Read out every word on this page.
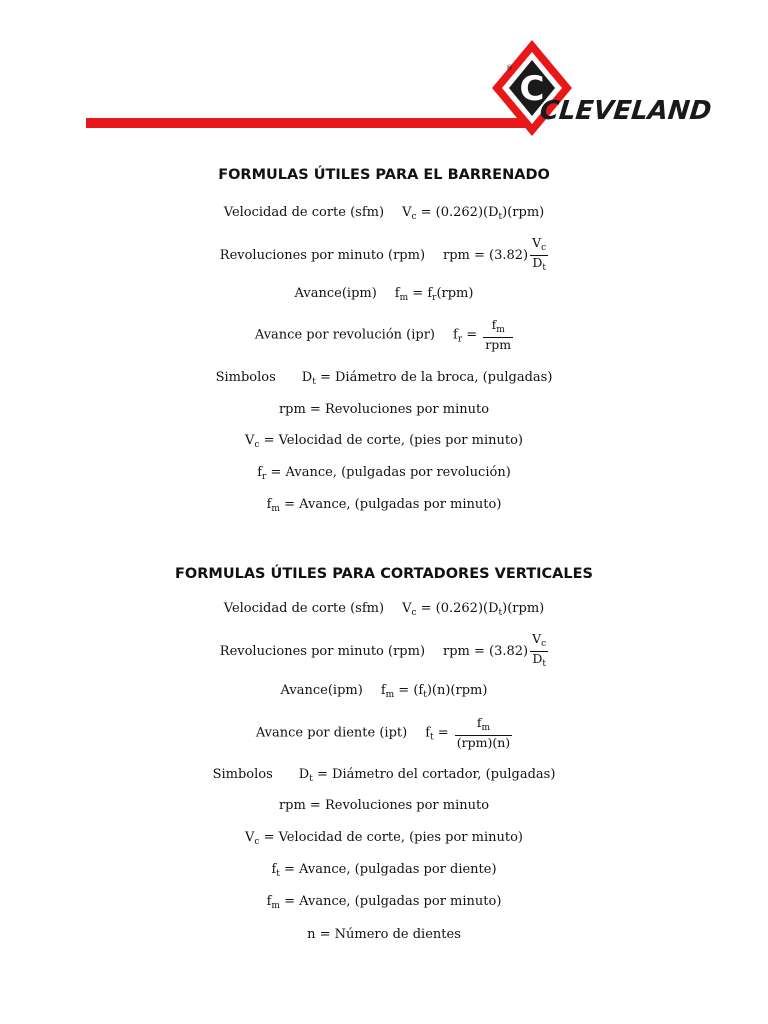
C
®
CLEVELAND
FORMULAS ÚTILES PARA EL BARRENADO
Velocidad de corte (sfm) $V_c = (0.262)(D_t)(rpm)$
Revoluciones por minuto (rpm) rpm = $(3.82) \frac{V_c}{D_t}$
Avance(ipm) $f_m = f_r(rpm)$
Avance por revolución (ipr) $f_r = \frac{f_m}{\text{rpm}}$
Simbolos $D_t$ = Diámetro de la broca, (pulgadas)
rpm = Revoluciones por minuto
$V_c$ = Velocidad de corte, (pies por minuto)
$f_r$ = Avance, (pulgadas por revolución)
$f_m$ = Avance, (pulgadas por minuto)
FORMULAS ÚTILES PARA CORTADORES VERTICALES
Velocidad de corte (sfm) $V_c = (0.262)(D_t)(rpm)$
Revoluciones por minuto (rpm) rpm = $(3.82) \frac{V_c}{D_t}$
Avance(ipm) $f_m = (f_t)(n)(rpm)$
Avance por diente (ipt) $f_t = \frac{f_m}{\text{(rpm)(n)}}$
Simbolos $D_t$ = Diámetro del cortador, (pulgadas)
rpm = Revoluciones por minuto
$V_c$ = Velocidad de corte, (pies por minuto)
$f_t$ = Avance, (pulgadas por diente)
$f_m$ = Avance, (pulgadas por minuto)
n = Número de dientes
